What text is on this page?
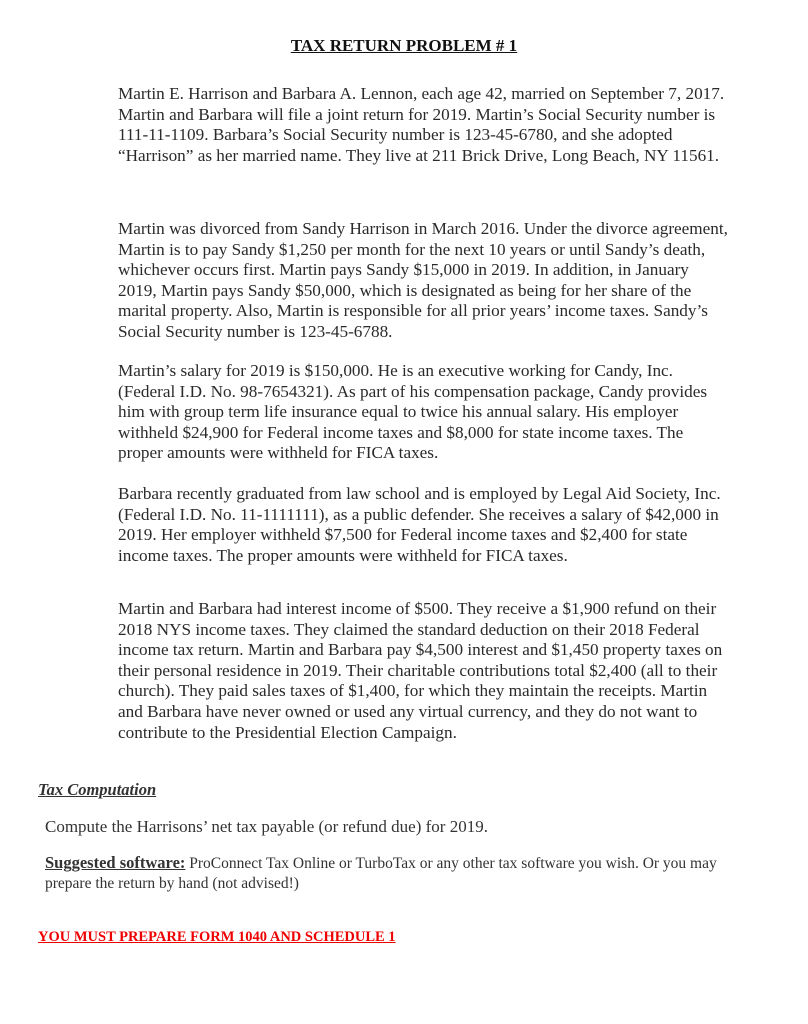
TAX RETURN PROBLEM # 1

Martin E. Harrison and Barbara A. Lennon, each age 42, married on September 7, 2017. Martin and Barbara will file a joint return for 2019. Martin’s Social Security number is 111-11-1109. Barbara’s Social Security number is 123-45-6780, and she adopted “Harrison” as her married name. They live at 211 Brick Drive, Long Beach, NY 11561.

Martin was divorced from Sandy Harrison in March 2016. Under the divorce agreement, Martin is to pay Sandy $1,250 per month for the next 10 years or until Sandy’s death, whichever occurs first. Martin pays Sandy $15,000 in 2019. In addition, in January 2019, Martin pays Sandy $50,000, which is designated as being for her share of the marital property. Also, Martin is responsible for all prior years’ income taxes. Sandy’s Social Security number is 123-45-6788.

Martin’s salary for 2019 is $150,000. He is an executive working for Candy, Inc. (Federal I.D. No. 98-7654321). As part of his compensation package, Candy provides him with group term life insurance equal to twice his annual salary. His employer withheld $24,900 for Federal income taxes and $8,000 for state income taxes. The proper amounts were withheld for FICA taxes.

Barbara recently graduated from law school and is employed by Legal Aid Society, Inc. (Federal I.D. No. 11-1111111), as a public defender. She receives a salary of $42,000 in 2019. Her employer withheld $7,500 for Federal income taxes and $2,400 for state income taxes. The proper amounts were withheld for FICA taxes.

Martin and Barbara had interest income of $500. They receive a $1,900 refund on their 2018 NYS income taxes. They claimed the standard deduction on their 2018 Federal income tax return. Martin and Barbara pay $4,500 interest and $1,450 property taxes on their personal residence in 2019. Their charitable contributions total $2,400 (all to their church). They paid sales taxes of $1,400, for which they maintain the receipts. Martin and Barbara have never owned or used any virtual currency, and they do not want to contribute to the Presidential Election Campaign.

Tax Computation
Compute the Harrisons’ net tax payable (or refund due) for 2019.
Suggested software: ProConnect Tax Online or TurboTax or any other tax software you wish. Or you may prepare the return by hand (not advised!)
YOU MUST PREPARE FORM 1040 AND SCHEDULE 1
